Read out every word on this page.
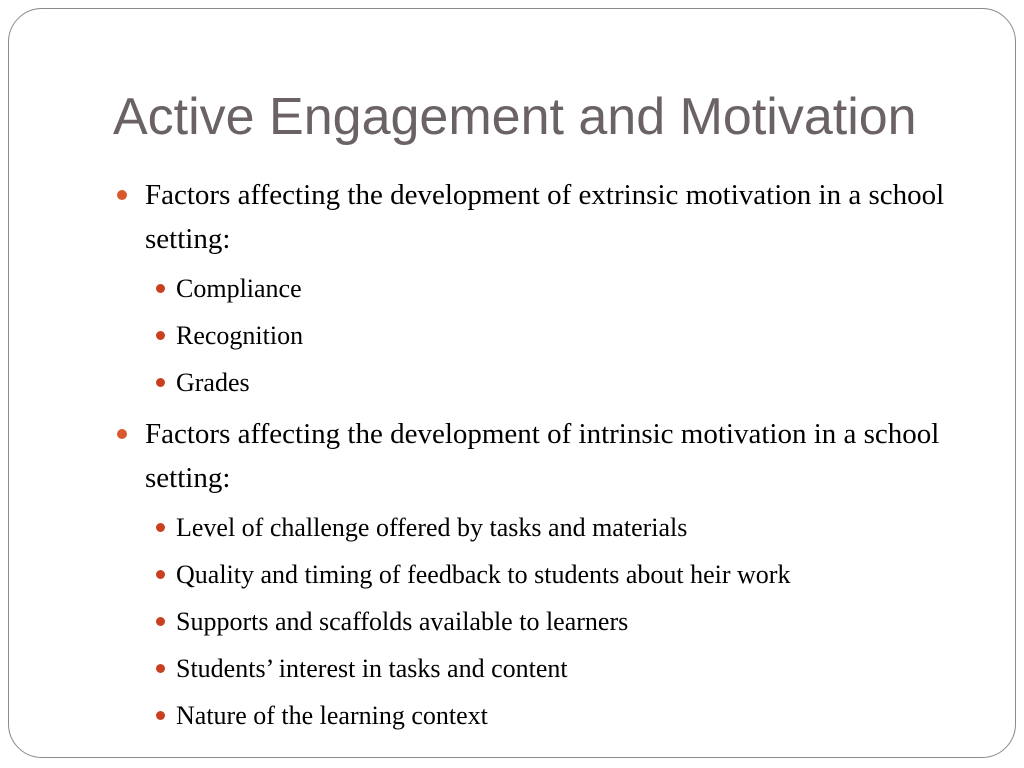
Active Engagement and Motivation
Factors affecting the development of extrinsic motivation in a school setting:
Compliance
Recognition
Grades
Factors affecting the development of intrinsic motivation in a school setting:
Level of challenge offered by tasks and materials
Quality and timing of feedback to students about heir work
Supports and scaffolds available to learners
Students’ interest in tasks and content
Nature of the learning context
